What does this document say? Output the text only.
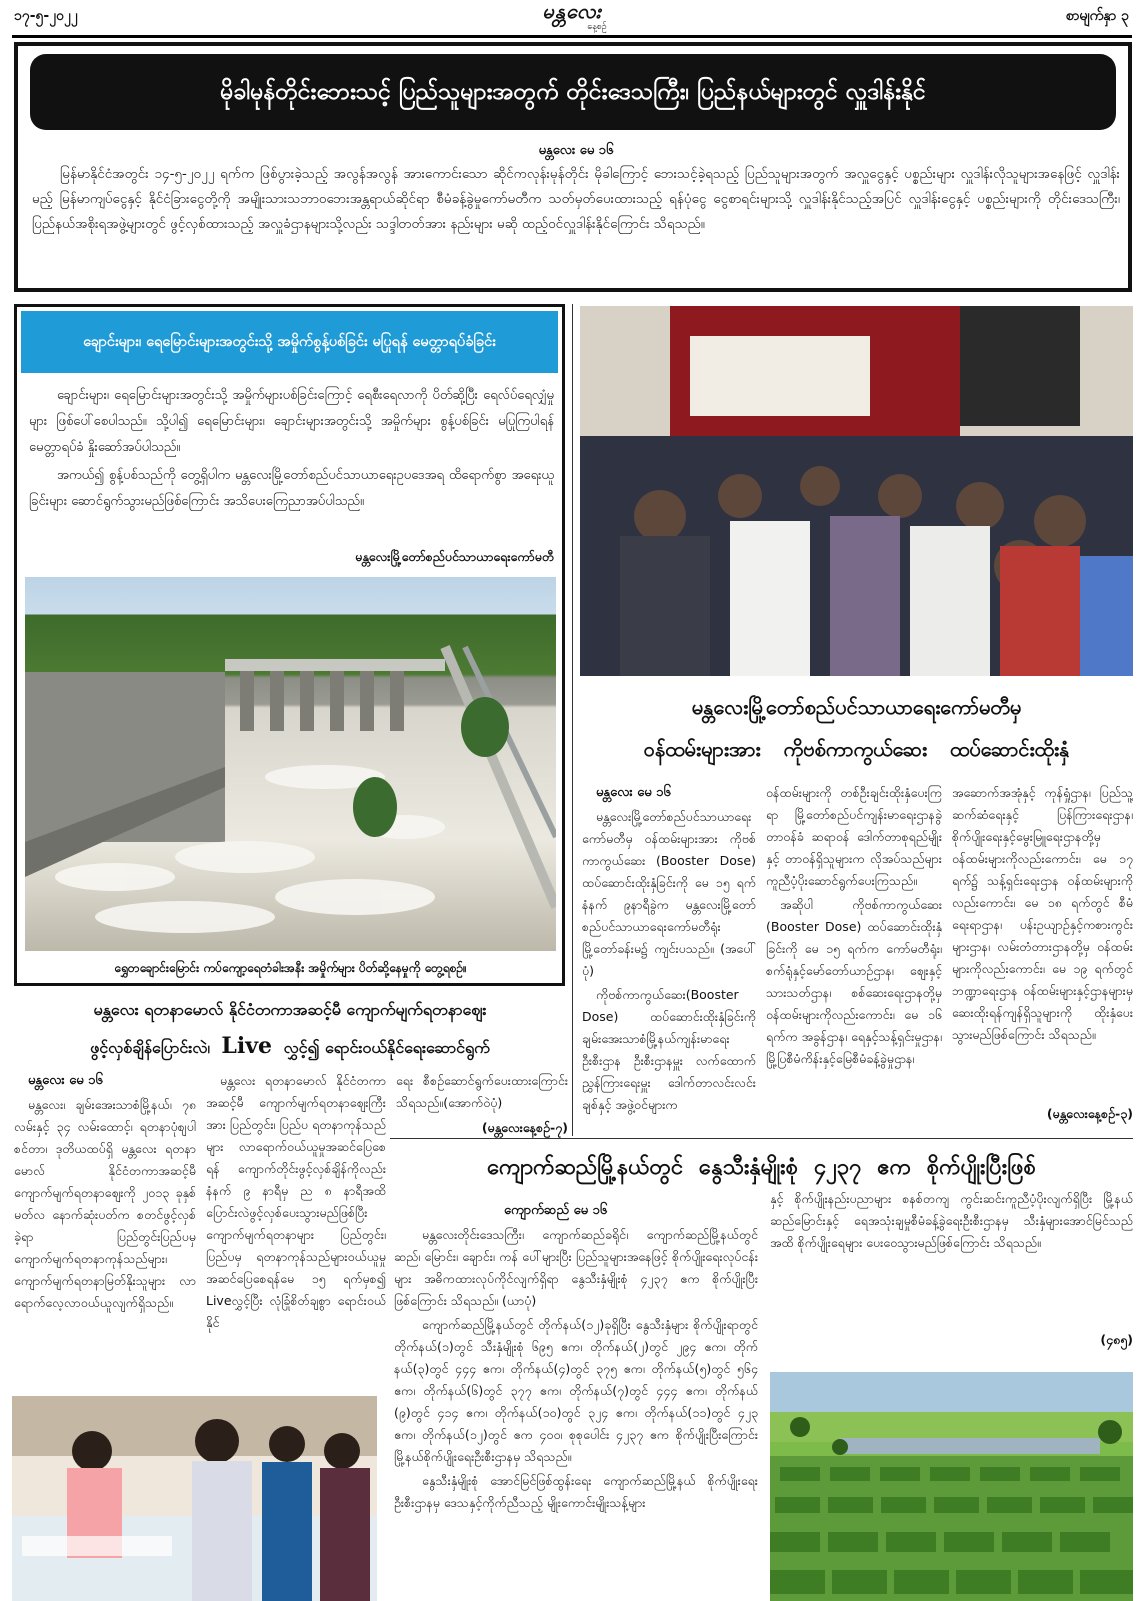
၁၇-၅-၂၀၂၂	မန္တလေး
နေ့စဉ်
စာမျက်နှာ ၃
မိုခါမုန်တိုင်းဘေးသင့် ပြည်သူများအတွက် တိုင်းဒေသကြီး၊ ပြည်နယ်များတွင် လှူဒါန်းနိုင်
မန္တလေး မေ ၁၆

မြန်မာနိုင်ငံအတွင်း ၁၄-၅-၂၀၂၂ ရက်က ဖြစ်ပွားခဲ့သည့် အလွန်အလွန် အားကောင်းသော ဆိုင်ကလုန်းမုန်တိုင်း မိုခါကြောင့် ဘေးသင့်ခဲ့ရသည့် ပြည်သူများအတွက် အလှူငွေနှင့် ပစ္စည်းများ လှူဒါန်းလိုသူများအနေဖြင့် လှူဒါန်းမည့် မြန်မာကျပ်ငွေနှင့် နိုင်ငံခြားငွေတို့ကို အမျိုးသားသဘာဝဘေးအန္တရာယ်ဆိုင်ရာ စီမံခန့်ခွဲမှုကော်မတီက သတ်မှတ်ပေးထားသည့် ရန်ပုံငွေ ငွေစာရင်းများသို့ လှူဒါန်းနိုင်သည့်အပြင် လှူဒါန်းငွေနှင့် ပစ္စည်းများကို တိုင်းဒေသကြီး၊ ပြည်နယ်အစိုးရအဖွဲ့များတွင် ဖွင့်လှစ်ထားသည့် အလှူခံဌာနများသို့လည်း သဒ္ဒါတတ်အား နည်းများ မဆို ထည့်ဝင်လှူဒါန်းနိုင်ကြောင်း သိရသည်။

ချောင်းများ၊ ရေမြောင်းများအတွင်းသို့ အမှိုက်စွန့်ပစ်ခြင်း မပြုရန် မေတ္တာရပ်ခံခြင်း

ချောင်းများ၊ ရေမြောင်းများအတွင်းသို့ အမှိုက်များပစ်ခြင်းကြောင့် ရေစီးရေလာကို ပိတ်ဆို့ပြီး ရေလ်ပ်ရေလျှံမှုများ ဖြစ်ပေါ်စေပါသည်။ သို့ပါ၍ ရေမြောင်းများ၊ ချောင်းများအတွင်းသို့ အမှိုက်များ စွန့်ပစ်ခြင်း မပြုကြပါရန် မေတ္တာရပ်ခံ နှိုးဆော်အပ်ပါသည်။

အကယ်၍ စွန့်ပစ်သည်ကို တွေ့ရှိပါက မန္တလေးမြို့တော်စည်ပင်သာယာရေးဥပဒေအရ ထိရောက်စွာ အရေးယူခြင်းများ ဆောင်ရွက်သွားမည်ဖြစ်ကြောင်း အသိပေးကြေညာအပ်ပါသည်။

မန္တလေးမြို့တော်စည်ပင်သာယာရေးကော်မတီ
ရွှေတချောင်းမြောင်း ကပ်ကျော့ရေတံခါးအနီး အမှိုက်များ ပိတ်ဆို့နေမှုကို တွေ့ရစဉ်။
မန္တလေးမြို့တော်စည်ပင်သာယာရေးကော်မတီမှ
ဝန်ထမ်းများအား ကိုဗစ်ကာကွယ်ဆေး ထပ်ဆောင်းထိုးနှံ
မန္တလေး မေ ၁၆

မန္တလေးမြို့တော်စည်ပင်သာယာရေးကော်မတီမှ ဝန်ထမ်းများအား ကိုဗစ်ကာကွယ်ဆေး (Booster Dose) ထပ်ဆောင်းထိုးနှံခြင်းကို မေ ၁၅ ရက် နံနက် ၉နာရီခွဲက မန္တလေးမြို့တော်စည်ပင်သာယာရေးကော်မတီရုံး မြို့တော်ခန်းမ၌ ကျင်းပသည်။ (အပေါ်ပုံ)

ကိုဗစ်ကာကွယ်ဆေး(Booster Dose) ထပ်ဆောင်းထိုးနှံခြင်းကို ချမ်းအေးသာစံမြို့နယ်ကျန်းမာရေးဦးစီးဌာန ဦးစီးဌာနမှူး လက်ထောက်ညွှန်ကြားရေးမှူး ဒေါက်တာလင်းလင်းချစ်နှင့် အဖွဲ့ဝင်များက

ဝန်ထမ်းများကို တစ်ဦးချင်းထိုးနှံပေးကြရာ မြို့တော်စည်ပင်ကျန်းမာရေးဌာနခွဲတာဝန်ခံ ဆရာဝန် ဒေါက်တာစုရည်မျိုးနှင့် တာဝန်ရှိသူများက လိုအပ်သည်များ ကူညီပံ့ပိုးဆောင်ရွက်ပေးကြသည်။

အဆိုပါ ကိုဗစ်ကာကွယ်ဆေး (Booster Dose) ထပ်ဆောင်းထိုးနှံခြင်းကို မေ ၁၅ ရက်က ကော်မတီရုံး၊ စက်ရုံနှင့်မော်တော်ယာဉ်ဌာန၊ ဈေးနှင့်သားသတ်ဌာန၊ စစ်ဆေးရေးဌာနတို့မှ ဝန်ထမ်းများကိုလည်းကောင်း၊ မေ ၁၆ ရက်က အခွန်ဌာန၊ ရေနှင့်သန့်ရှင်းမှုဌာန၊ မြို့ပြစီမံကိန်းနှင့်မြေစီမံခန့်ခွဲမှုဌာန၊

အဆောက်အအုံနှင့် ကုန်ရှုံဌာန၊ ပြည်သူ့ဆက်ဆံရေးနှင့် ပြန်ကြားရေးဌာန၊ စိုက်ပျိုးရေးနှင့်မွေးမြူရေးဌာနတို့မှ ဝန်ထမ်းများကိုလည်းကောင်း၊ မေ ၁၇ ရက်၌ သန့်ရှင်းရေးဌာန ဝန်ထမ်းများကိုလည်းကောင်း၊ မေ ၁၈ ရက်တွင် စီမံရေးရာဌာန၊ ပန်းဥယျာဉ်နှင့်ကစားကွင်းများဌာန၊ လမ်းတံတားဌာနတို့မှ ဝန်ထမ်းများကိုလည်းကောင်း၊ မေ ၁၉ ရက်တွင် ဘဏ္ဍာရေးဌာန ဝန်ထမ်းများနှင့်ဌာနများမှ ဆေးထိုးရန်ကျန်ရှိသူများကို ထိုးနှံပေးသွားမည်ဖြစ်ကြောင်း သိရသည်။

(မန္တလေးနေ့စဉ်-၃)
မန္တလေး ရတနာမောလ် နိုင်ငံတကာအဆင့်မီ ကျောက်မျက်ရတနာဈေး
ဖွင့်လှစ်ချိန်ပြောင်းလဲ၊ Live လွှင့်၍ ရောင်းဝယ်နိုင်ရေးဆောင်ရွက်
မန္တလေး မေ ၁၆

မန္တလေး၊ ချမ်းအေးသာစံမြို့နယ်၊ ၇၈ လမ်းနှင့် ၃၄ လမ်းထောင့်၊ ရတနာပုံစျပါစင်တာ၊ ဒုတိယထပ်ရှိ မန္တလေး ရတနာမောလ် နိုင်ငံတကာအဆင့်မီ ကျောက်မျက်ရတနာဈေးကို ၂၀၁၃ ခုနှစ် မတ်လ နောက်ဆုံးပတ်က စတင်ဖွင့်လှစ်ခဲ့ရာ ပြည်တွင်းပြည်ပမှ ကျောက်မျက်ရတနာကုန်သည်များ၊ ကျောက်မျက်ရတနာမြတ်နိုးသူများ လာရောက်လေ့လာဝယ်ယူလျက်ရှိသည်။

မန္တလေး ရတနာမောလ် နိုင်ငံတကာအဆင့်မီ ကျောက်မျက်ရတနာဈေးကြီးအား ပြည်တွင်း၊ ပြည်ပ ရတနာကုန်သည်များ လာရောက်ဝယ်ယူမှုအဆင်ပြေစေရန် ကျောက်တိုင်းဖွင့်လှစ်ချိန်ကိုလည်း နံနက် ၉ နာရီမှ ည ၈ နာရီအထိ ပြောင်းလဲဖွင့်လှစ်ပေးသွားမည်ဖြစ်ပြီး ကျောက်မျက်ရတနာများ ပြည်တွင်း၊ ပြည်ပမှ ရတနာကုန်သည်များဝယ်ယူမှု အဆင်ပြေစေရန်မေ ၁၅ ရက်မှစ၍ Liveလွှင့်ပြီး လုံခြုံစိတ်ချစွာ ရောင်းဝယ်နိုင်

ရေး စီစဉ်ဆောင်ရွက်ပေးထားကြောင်း သိရသည်။(အောက်ဝဲပုံ)

(မန္တလေးနေ့စဉ်-၇)
ကျောက်ဆည်မြို့နယ်တွင် နွေသီးနှံမျိုးစုံ ၄၂၃၇ ဧက စိုက်ပျိုးပြီးဖြစ်
ကျောက်ဆည် မေ ၁၆

မန္တလေးတိုင်းဒေသကြီး၊ ကျောက်ဆည်ခရိုင်၊ ကျောက်ဆည်မြို့နယ်တွင် ဆည်၊ မြောင်း၊ ချောင်း၊ ကန် ပေါ်များပြီး ပြည်သူများအနေဖြင့် စိုက်ပျိုးရေးလုပ်ငန်းများ အဓိကထားလုပ်ကိုင်လျက်ရှိရာ နွေသီးနှံမျိုးစုံ ၄၂၃၇ ဧက စိုက်ပျိုးပြီးဖြစ်ကြောင်း သိရသည်။ (ယာပုံ)

ကျောက်ဆည်မြို့နယ်တွင် တိုက်နယ်(၁၂)ခုရှိပြီး နွေသီးနှံများ စိုက်ပျိုးရာတွင် တိုက်နယ်(၁)တွင် သီးနှံမျိုးစုံ ၆၉၅ ဧက၊ တိုက်နယ်(၂)တွင် ၂၉၄ ဧက၊ တိုက်နယ်(၃)တွင် ၄၄၄ ဧက၊ တိုက်နယ်(၄)တွင် ၃၇၅ ဧက၊ တိုက်နယ်(၅)တွင် ၅၆၄ ဧက၊ တိုက်နယ်(၆)တွင် ၃၇၇ ဧက၊ တိုက်နယ်(၇)တွင် ၄၄၄ ဧက၊ တိုက်နယ် (၉)တွင် ၄၁၄ ဧက၊ တိုက်နယ်(၁၀)တွင် ၃၂၄ ဧက၊ တိုက်နယ်(၁၁)တွင် ၄၂၃ ဧက၊ တိုက်နယ်(၁၂)တွင် ဧက ၄၀၀၊ စုစုပေါင်း ၄၂၃၇ ဧက စိုက်ပျိုးပြီးကြောင်း မြို့နယ်စိုက်ပျိုးရေးဦးစီးဌာနမှ သိရသည်။

နွေသီးနှံမျိုးစုံ အောင်မြင်ဖြစ်ထွန်းရေး ကျောက်ဆည်မြို့နယ် စိုက်ပျိုးရေးဦးစီးဌာနမှ ဒေသနှင့်ကိုက်ညီသည့် မျိုးကောင်းမျိုးသန့်များ

နှင့် စိုက်ပျိုးနည်းပညာများ စနစ်တကျ ကွင်းဆင်းကူညီပံ့ပိုးလျက်ရှိပြီး မြို့နယ်ဆည်မြောင်းနှင့် ရေအသုံးချမှုစီမံခန့်ခွဲရေးဦးစီးဌာနမှ သီးနှံများအောင်မြင်သည်အထိ စိုက်ပျိုးရေများ ပေးဝေသွားမည်ဖြစ်ကြောင်း သိရသည်။

(၄၈၅)
